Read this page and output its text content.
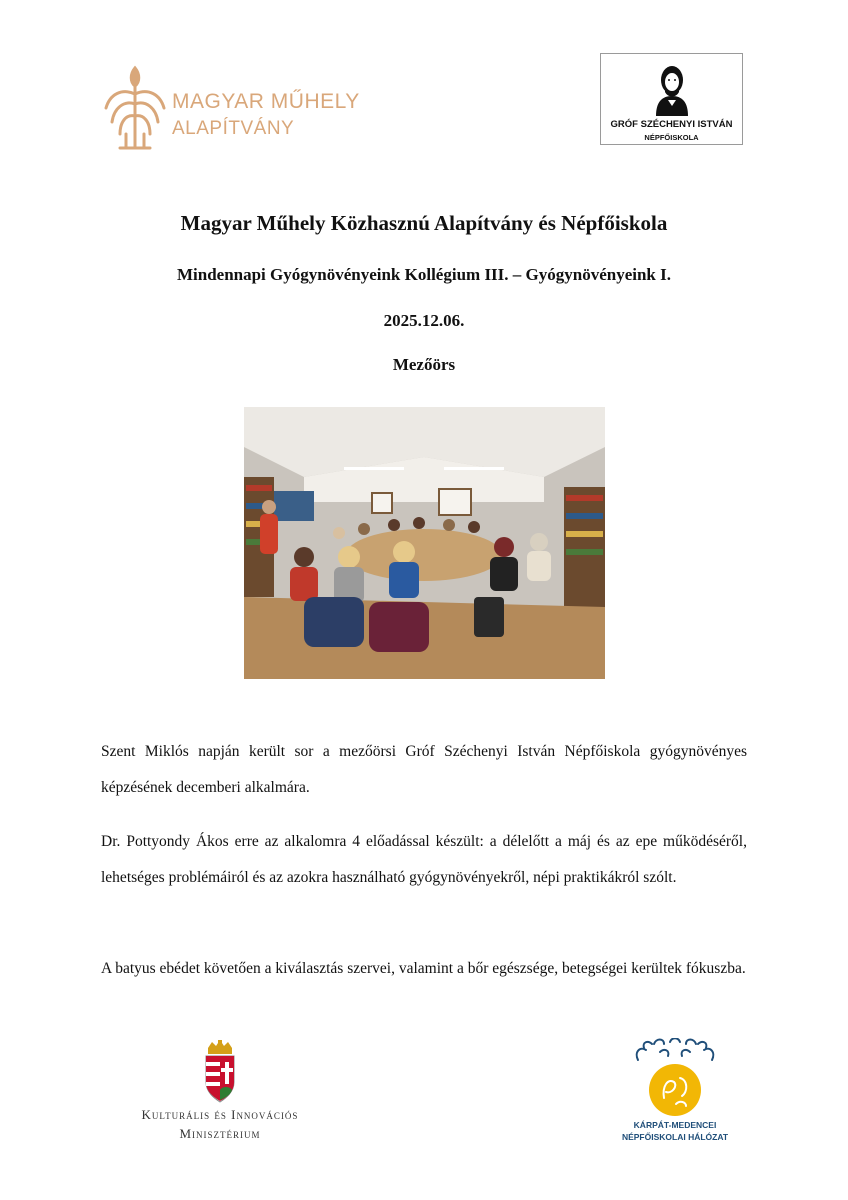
MAGYAR MŰHELY
ALAPÍTVÁNY	GRÓF SZÉCHENYI ISTVÁN
NÉPFŐISKOLA
Magyar Műhely Közhasznú Alapítvány és Népfőiskola
Mindennapi Gyógynövényeink Kollégium III. – Gyógynövényeink I.
2025.12.06.
Mezőörs

Szent Miklós napján került sor a mezőörsi Gróf Széchenyi István Népfőiskola gyógynövényes képzésének decemberi alkalmára.

Dr. Pottyondy Ákos erre az alkalomra 4 előadással készült: a délelőtt a máj és az epe működéséről, lehetséges problémáiról és az azokra használható gyógynövényekről, népi praktikákról szólt.

A batyus ebédet követően a kiválasztás szervei, valamint a bőr egészsége, betegségei kerültek fókuszba.

Kulturális és Innovációs
Minisztérium
KÁRPÁT-MEDENCEI
NÉPFŐISKOLAI HÁLÓZAT
